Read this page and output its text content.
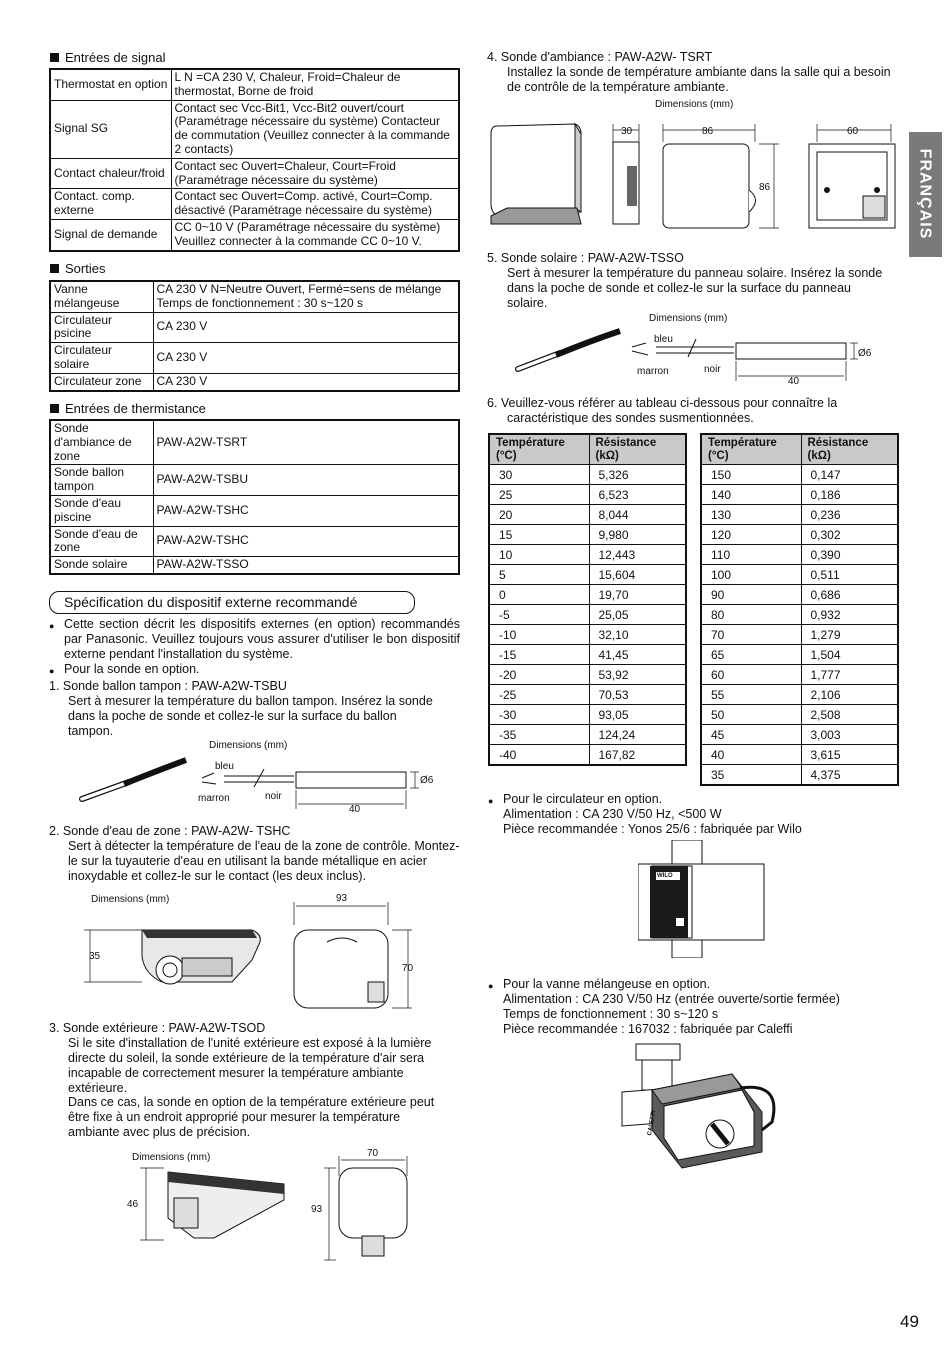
FRANÇAIS
Entrées de signal
Thermostat en option	L N =CA 230 V, Chaleur, Froid=Chaleur de thermostat, Borne de froid
Signal SG	Contact sec Vcc-Bit1, Vcc-Bit2 ouvert/court (Paramétrage nécessaire du système) Contacteur de commutation (Veuillez connecter à la commande 2 contacts)
Contact chaleur/froid	Contact sec Ouvert=Chaleur, Court=Froid (Paramétrage nécessaire du système)
Contact. comp. externe	Contact sec Ouvert=Comp. activé, Court=Comp. désactivé (Paramétrage nécessaire du système)
Signal de demande	CC 0~10 V (Paramétrage nécessaire du système) Veuillez connecter à la commande CC 0~10 V.
Sorties
Vanne mélangeuse	CA 230 V N=Neutre Ouvert, Fermé=sens de mélange Temps de fonctionnement : 30 s~120 s
Circulateur psicine	CA 230 V
Circulateur solaire	CA 230 V
Circulateur zone	CA 230 V
Entrées de thermistance
Sonde d'ambiance de zone	PAW-A2W-TSRT
Sonde ballon tampon	PAW-A2W-TSBU
Sonde d'eau piscine	PAW-A2W-TSHC
Sonde d'eau de zone	PAW-A2W-TSHC
Sonde solaire	PAW-A2W-TSSO
Spécification du dispositif externe recommandé
● Cette section décrit les dispositifs externes (en option) recommandés par Panasonic. Veuillez toujours vous assurer d'utiliser le bon dispositif externe pendant l'installation du système.
● Pour la sonde en option.
1. Sonde ballon tampon : PAW-A2W-TSBU
Sert à mesurer la température du ballon tampon. Insérez la sonde dans la poche de sonde et collez-le sur la surface du ballon tampon.
Dimensions (mm)
bleu
marron	noir
40
Ø6
2. Sonde d'eau de zone : PAW-A2W- TSHC
Sert à détecter la température de l'eau de la zone de contrôle. Montez-le sur la tuyauterie d'eau en utilisant la bande métallique en acier inoxydable et collez-le sur le contact (les deux inclus).
Dimensions (mm)
35
93
70
3. Sonde extérieure : PAW-A2W-TSOD
Si le site d'installation de l'unité extérieure est exposé à la lumière directe du soleil, la sonde extérieure de la température d'air sera incapable de correctement mesurer la température ambiante extérieure.
Dans ce cas, la sonde en option de la température extérieure peut être fixe à un endroit approprié pour mesurer la température ambiante avec plus de précision.
Dimensions (mm)
46
70
93
4. Sonde d'ambiance : PAW-A2W- TSRT
Installez la sonde de température ambiante dans la salle qui a besoin de contrôle de la température ambiante.
Dimensions (mm)
30	86
86
60
5. Sonde solaire : PAW-A2W-TSSO
Sert à mesurer la température du panneau solaire. Insérez la sonde dans la poche de sonde et collez-le sur la surface du panneau solaire.
Dimensions (mm)
bleu
marron	noir
40
Ø6
6. Veuillez-vous référer au tableau ci-dessous pour connaître la caractéristique des sondes susmentionnées.
Température (°C)	Résistance (kΩ)
30	5,326
25	6,523
20	8,044
15	9,980
10	12,443
5	15,604
0	19,70
-5	25,05
-10	32,10
-15	41,45
-20	53,92
-25	70,53
-30	93,05
-35	124,24
-40	167,82
Température (°C)	Résistance (kΩ)
150	0,147
140	0,186
130	0,236
120	0,302
110	0,390
100	0,511
90	0,686
80	0,932
70	1,279
65	1,504
60	1,777
55	2,106
50	2,508
45	3,003
40	3,615
35	4,375
● Pour le circulateur en option.
Alimentation : CA 230 V/50 Hz, <500 W
Pièce recommandée : Yonos 25/6 : fabriquée par Wilo
WILO
● Pour la vanne mélangeuse en option.
Alimentation : CA 230 V/50 Hz (entrée ouverte/sortie fermée)
Temps de fonctionnement : 30 s~120 s
Pièce recommandée : 167032 : fabriquée par Caleffi
CALEFFI
49
